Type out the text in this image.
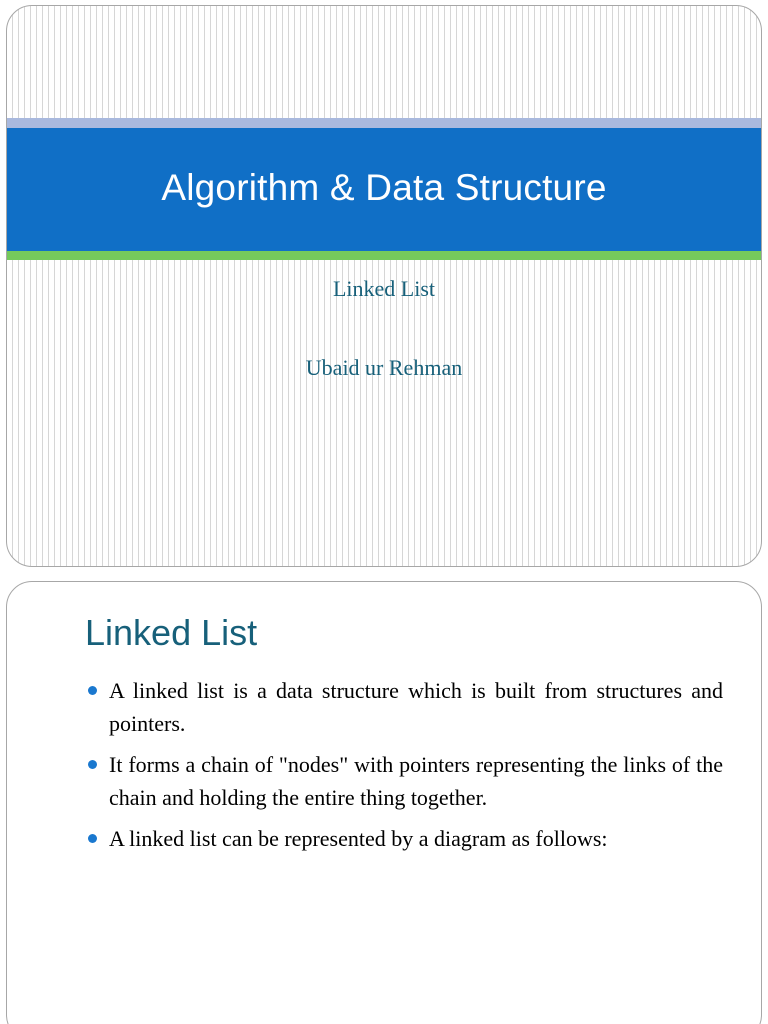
Algorithm & Data Structure
Linked List
Ubaid ur Rehman
Linked List
A linked list is a data structure which is built from structures and pointers.
It forms a chain of "nodes" with pointers representing the links of the chain and holding the entire thing together.
A linked list can be represented by a diagram as follows:
